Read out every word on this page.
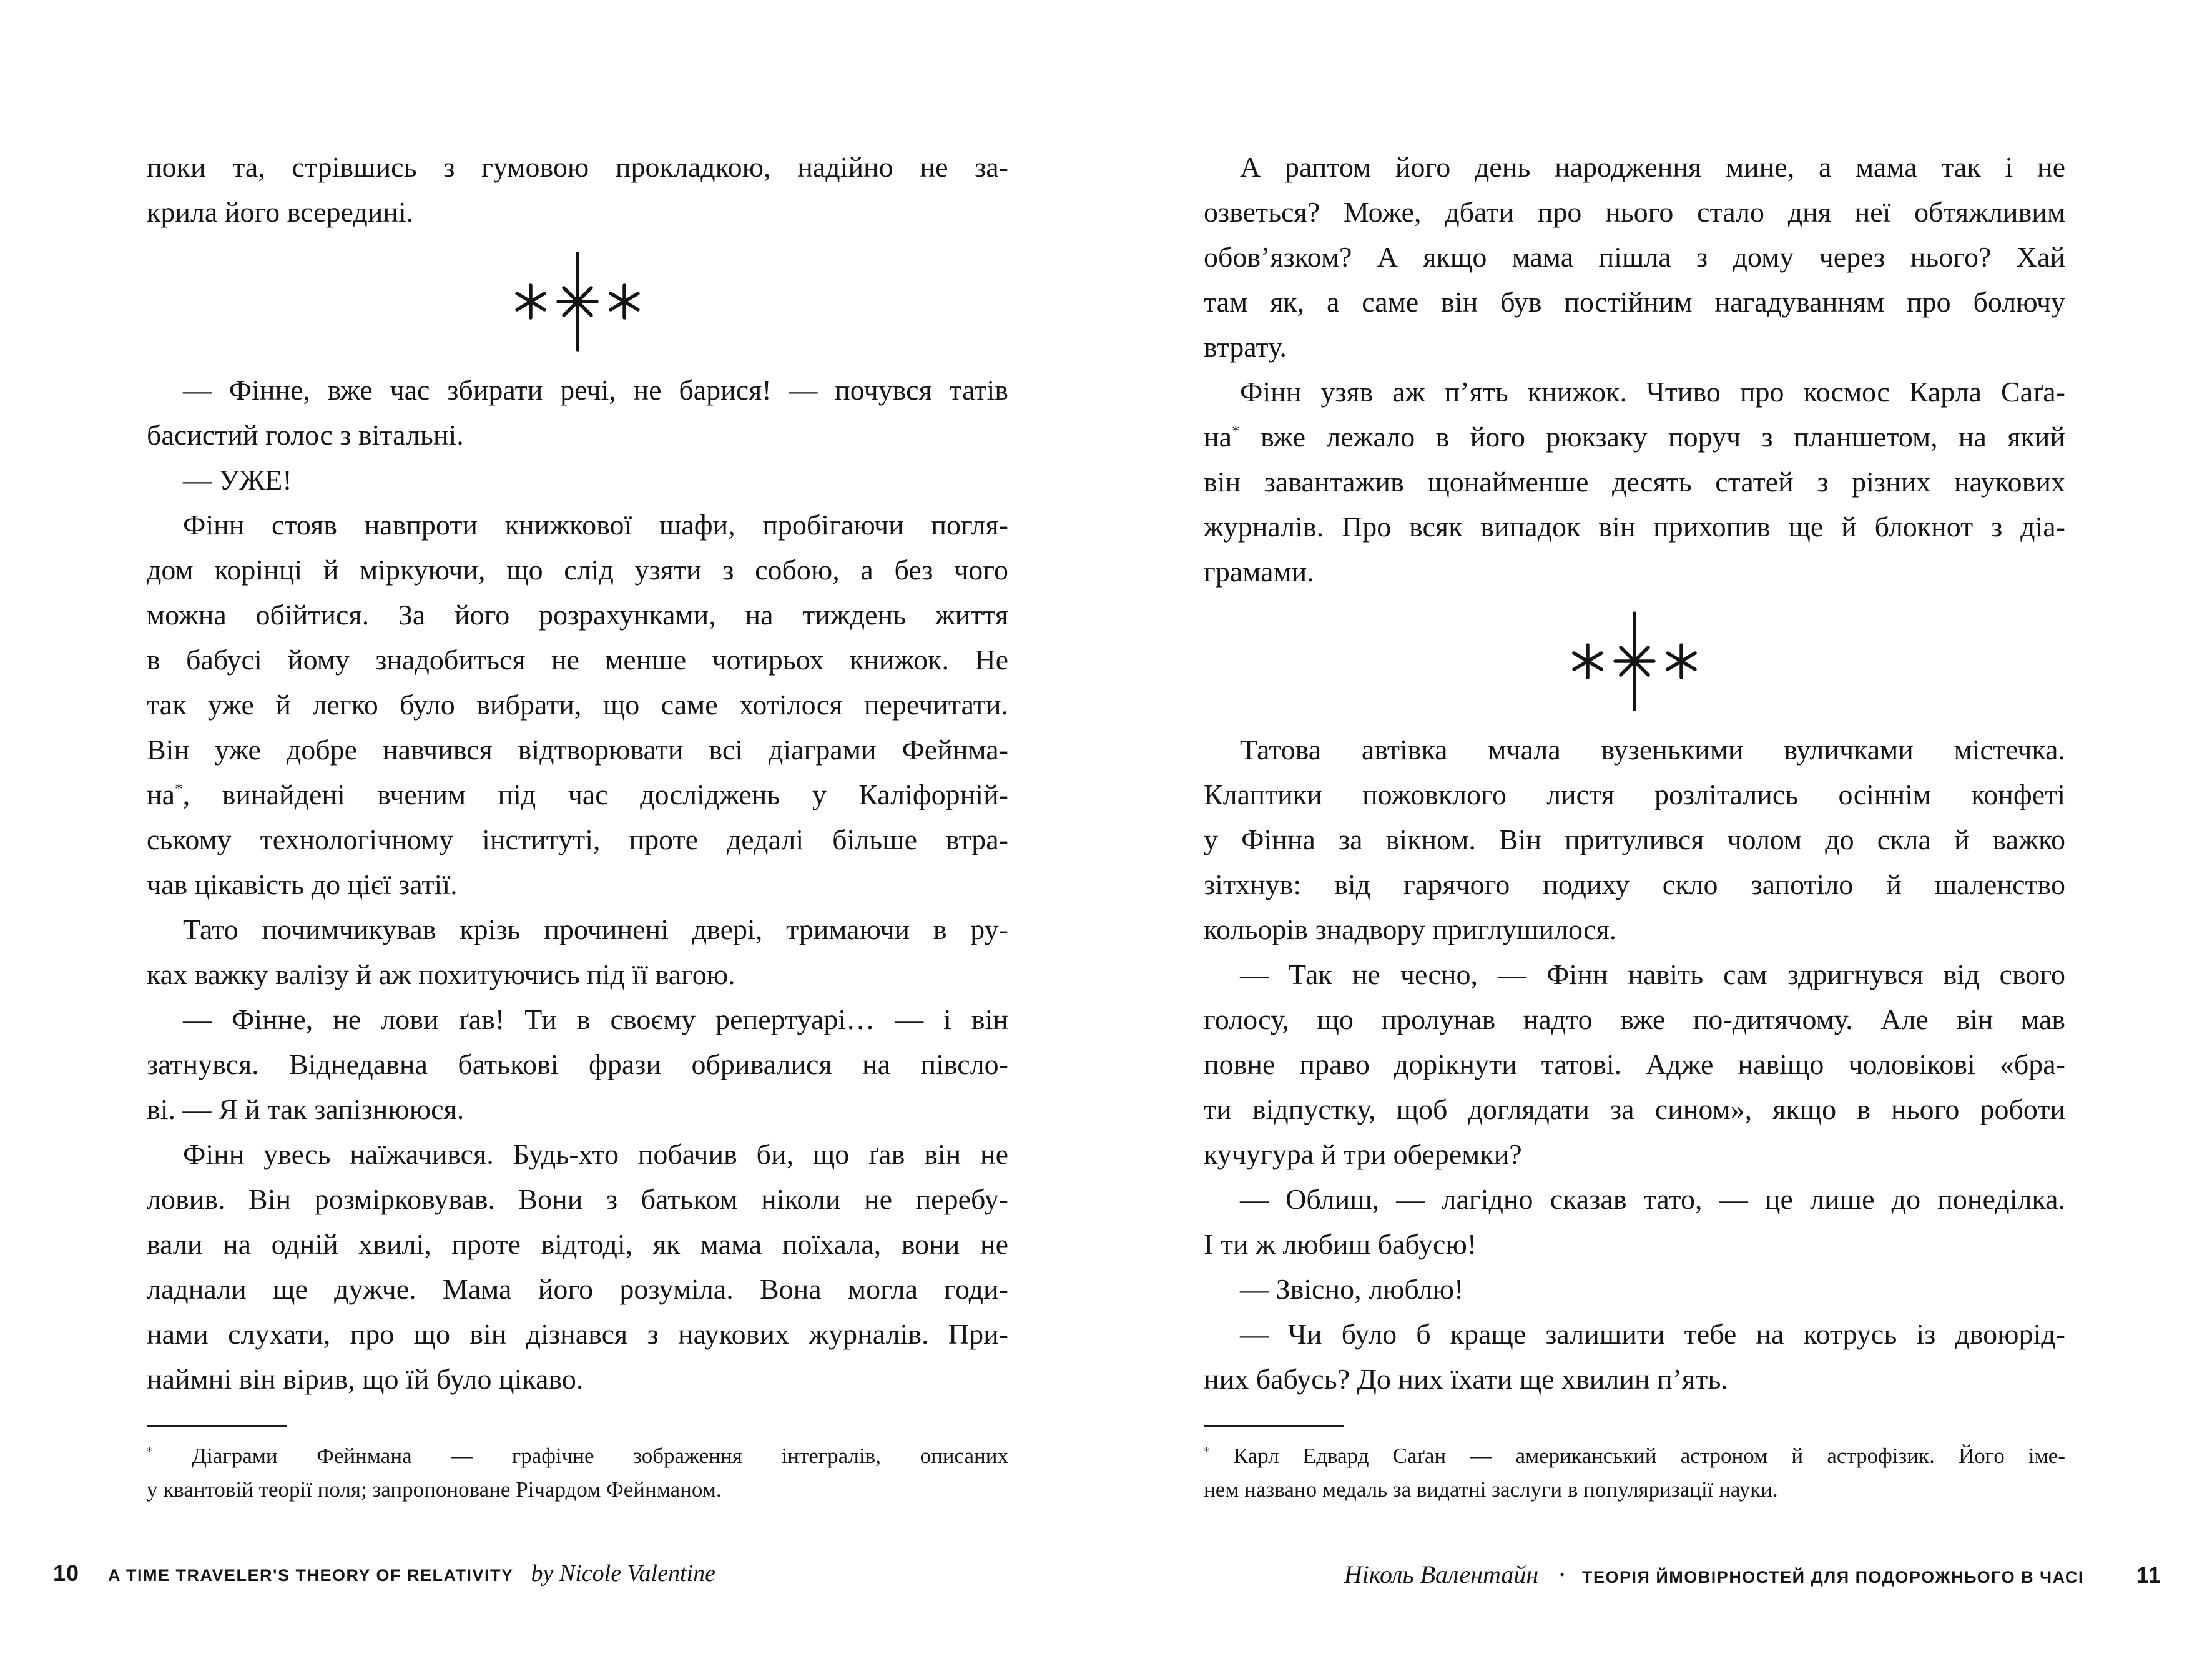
поки та, стрівшись з гумовою прокладкою, надійно не за-
крила його всередині.
— Фінне, вже час збирати речі, не барися! — почувся татів
басистий голос з вітальні.
— УЖЕ!
Фінн стояв навпроти книжкової шафи, пробігаючи погля-
дом корінці й міркуючи, що слід узяти з собою, а без чого
можна обійтися. За його розрахунками, на тиждень життя
в бабусі йому знадобиться не менше чотирьох книжок. Не
так уже й легко було вибрати, що саме хотілося перечитати.
Він уже добре навчився відтворювати всі діаграми Фейнма-
на*, винайдені вченим під час досліджень у Каліфорній-
ському технологічному інституті, проте дедалі більше втра-
чав цікавість до цієї затії.
Тато почимчикував крізь прочинені двері, тримаючи в ру-
ках важку валізу й аж похитуючись під її вагою.
— Фінне, не лови ґав! Ти в своєму репертуарі… — і він
затнувся. Віднедавна батькові фрази обривалися на півсло-
ві. — Я й так запізнююся.
Фінн увесь наїжачився. Будь-хто побачив би, що ґав він не
ловив. Він розмірковував. Вони з батьком ніколи не перебу-
вали на одній хвилі, проте відтоді, як мама поїхала, вони не
ладнали ще дужче. Мама його розуміла. Вона могла годи-
нами слухати, про що він дізнався з наукових журналів. При-
наймні він вірив, що їй було цікаво.
* Діаграми Фейнмана — графічне зображення інтегралів, описаних
у квантовій теорії поля; запропоноване Річардом Фейнманом.
10 A TIME TRAVELER'S THEORY OF RELATIVITY by Nicole Valentine
А раптом його день народження мине, а мама так і не
озветься? Може, дбати про нього стало дня неї обтяжливим
обов’язком? А якщо мама пішла з дому через нього? Хай
там як, а саме він був постійним нагадуванням про болючу
втрату.
Фінн узяв аж п’ять книжок. Чтиво про космос Карла Саґа-
на* вже лежало в його рюкзаку поруч з планшетом, на який
він завантажив щонайменше десять статей з різних наукових
журналів. Про всяк випадок він прихопив ще й блокнот з діа-
грамами.
Татова автівка мчала вузенькими вуличками містечка.
Клаптики пожовклого листя розлітались осіннім конфеті
у Фінна за вікном. Він притулився чолом до скла й важко
зітхнув: від гарячого подиху скло запотіло й шаленство
кольорів знадвору приглушилося.
— Так не чесно, — Фінн навіть сам здригнувся від свого
голосу, що пролунав надто вже по-дитячому. Але він мав
повне право дорікнути татові. Адже навіщо чоловікові «бра-
ти відпустку, щоб доглядати за сином», якщо в нього роботи
кучугура й три оберемки?
— Облиш, — лагідно сказав тато, — це лише до понеділка.
І ти ж любиш бабусю!
— Звісно, люблю!
— Чи було б краще залишити тебе на котрусь із двоюрід-
них бабусь? До них їхати ще хвилин п’ять.
* Карл Едвард Саґан — американський астроном й астрофізик. Його іме-
нем названо медаль за видатні заслуги в популяризації науки.
Ніколь Валентайн • ТЕОРІЯ ЙМОВІРНОСТЕЙ ДЛЯ ПОДОРОЖНЬОГО В ЧАСІ 11
